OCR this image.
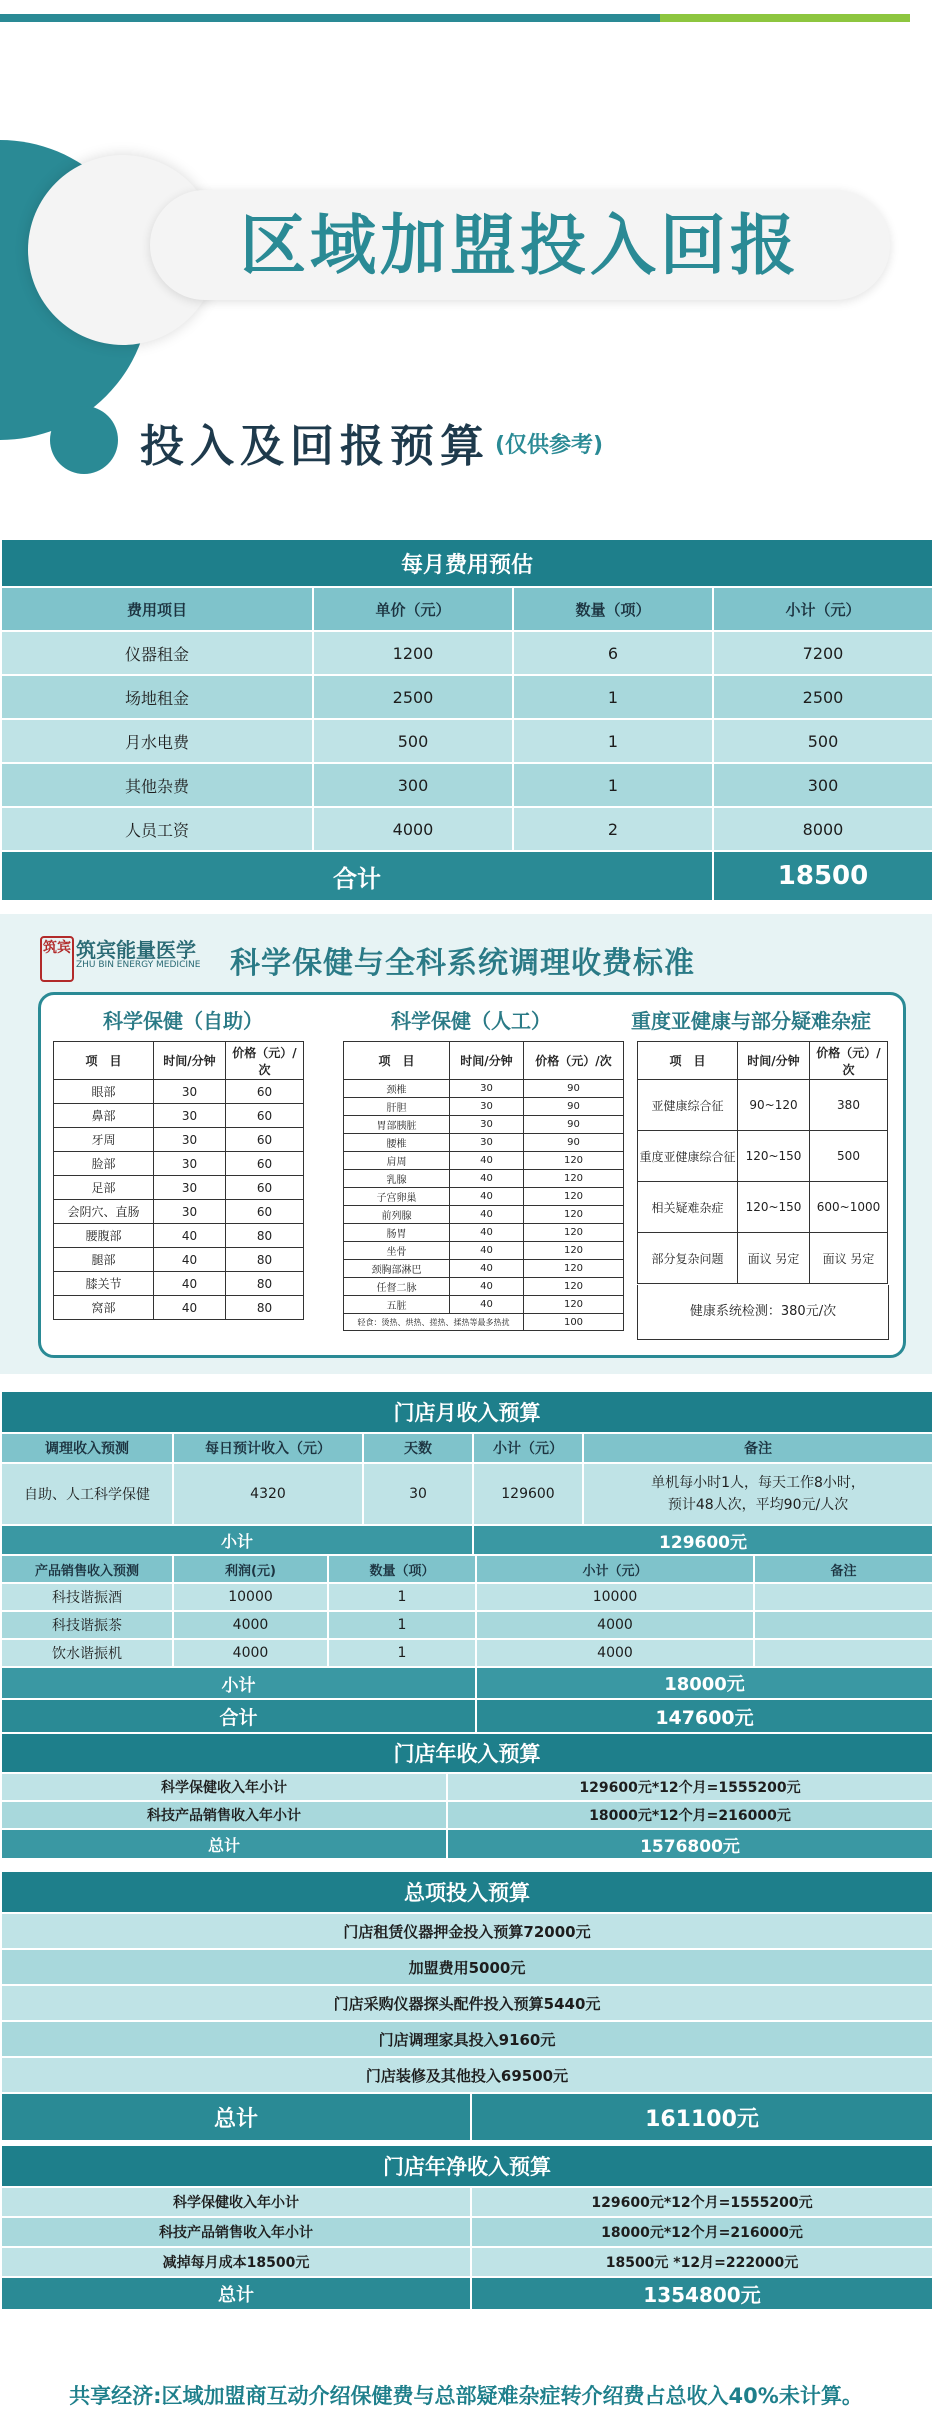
区域加盟投入回报
投入及回报预算 (仅供参考)
每月费用预估			
费用项目	单价（元）	数量（项）	小计（元）
仪器租金	1200	6	7200
场地租金	2500	1	2500
月水电费	500	1	500
其他杂费	300	1	300
人员工资	4000	2	8000
合计			18500
筑宾 筑宾能量医学
ZHU BIN ENERGY MEDICINE 科学保健与全科系统调理收费标准
科学保健（自助）	科学保健（人工）	重度亚健康与部分疑难杂症
项　目	时间/分钟	价格（元）/次
眼部	30	60
鼻部	30	60
牙周	30	60
脸部	30	60
足部	30	60
会阴穴、直肠	30	60
腰腹部	40	80
腿部	40	80
膝关节	40	80
窝部	40	80
项　目	时间/分钟	价格（元）/次
颈椎	30	90
肝胆	30	90
胃部胰脏	30	90
腰椎	30	90
肩周	40	120
乳腺	40	120
子宫卵巢	40	120
前列腺	40	120
肠胃	40	120
坐骨	40	120
颈胸部淋巴	40	120
任督二脉	40	120
五脏	40	120
轻食：烫热、烘热、搓热、揉热等最多热扰		100
项　目	时间/分钟	价格（元）/次
亚健康综合征	90~120	380
重度亚健康综合征	120~150	500
相关疑难杂症	120~150	600~1000
部分复杂问题	面议 另定	面议 另定
健康系统检测：380元/次
门店月收入预算				
调理收入预测	每日预计收入（元）	天数	小计（元）	备注
自助、人工科学保健	4320	30	129600	单机每小时1人，每天工作8小时，
预计48人次，平均90元/人次

小计			129600元	
产品销售收入预测	利润(元)	数量（项）	小计（元）	备注
科技谐振酒	10000	1	10000	
科技谐振茶	4000	1	4000	
饮水谐振机	4000	1	4000	
小计			18000元	
合计			147600元	
门店年收入预算	
科学保健收入年小计	129600元*12个月=1555200元
科技产品销售收入年小计	18000元*12个月=216000元
总计	1576800元
总项投入预算
门店租赁仪器押金投入预算72000元
加盟费用5000元
门店采购仪器探头配件投入预算5440元
门店调理家具投入9160元
门店装修及其他投入69500元
总计	161100元
门店年净收入预算	
科学保健收入年小计	129600元*12个月=1555200元
科技产品销售收入年小计	18000元*12个月=216000元
减掉每月成本18500元	18500元 *12月=222000元
总计	1354800元
共享经济:区域加盟商互动介绍保健费与总部疑难杂症转介绍费占总收入40%未计算。
